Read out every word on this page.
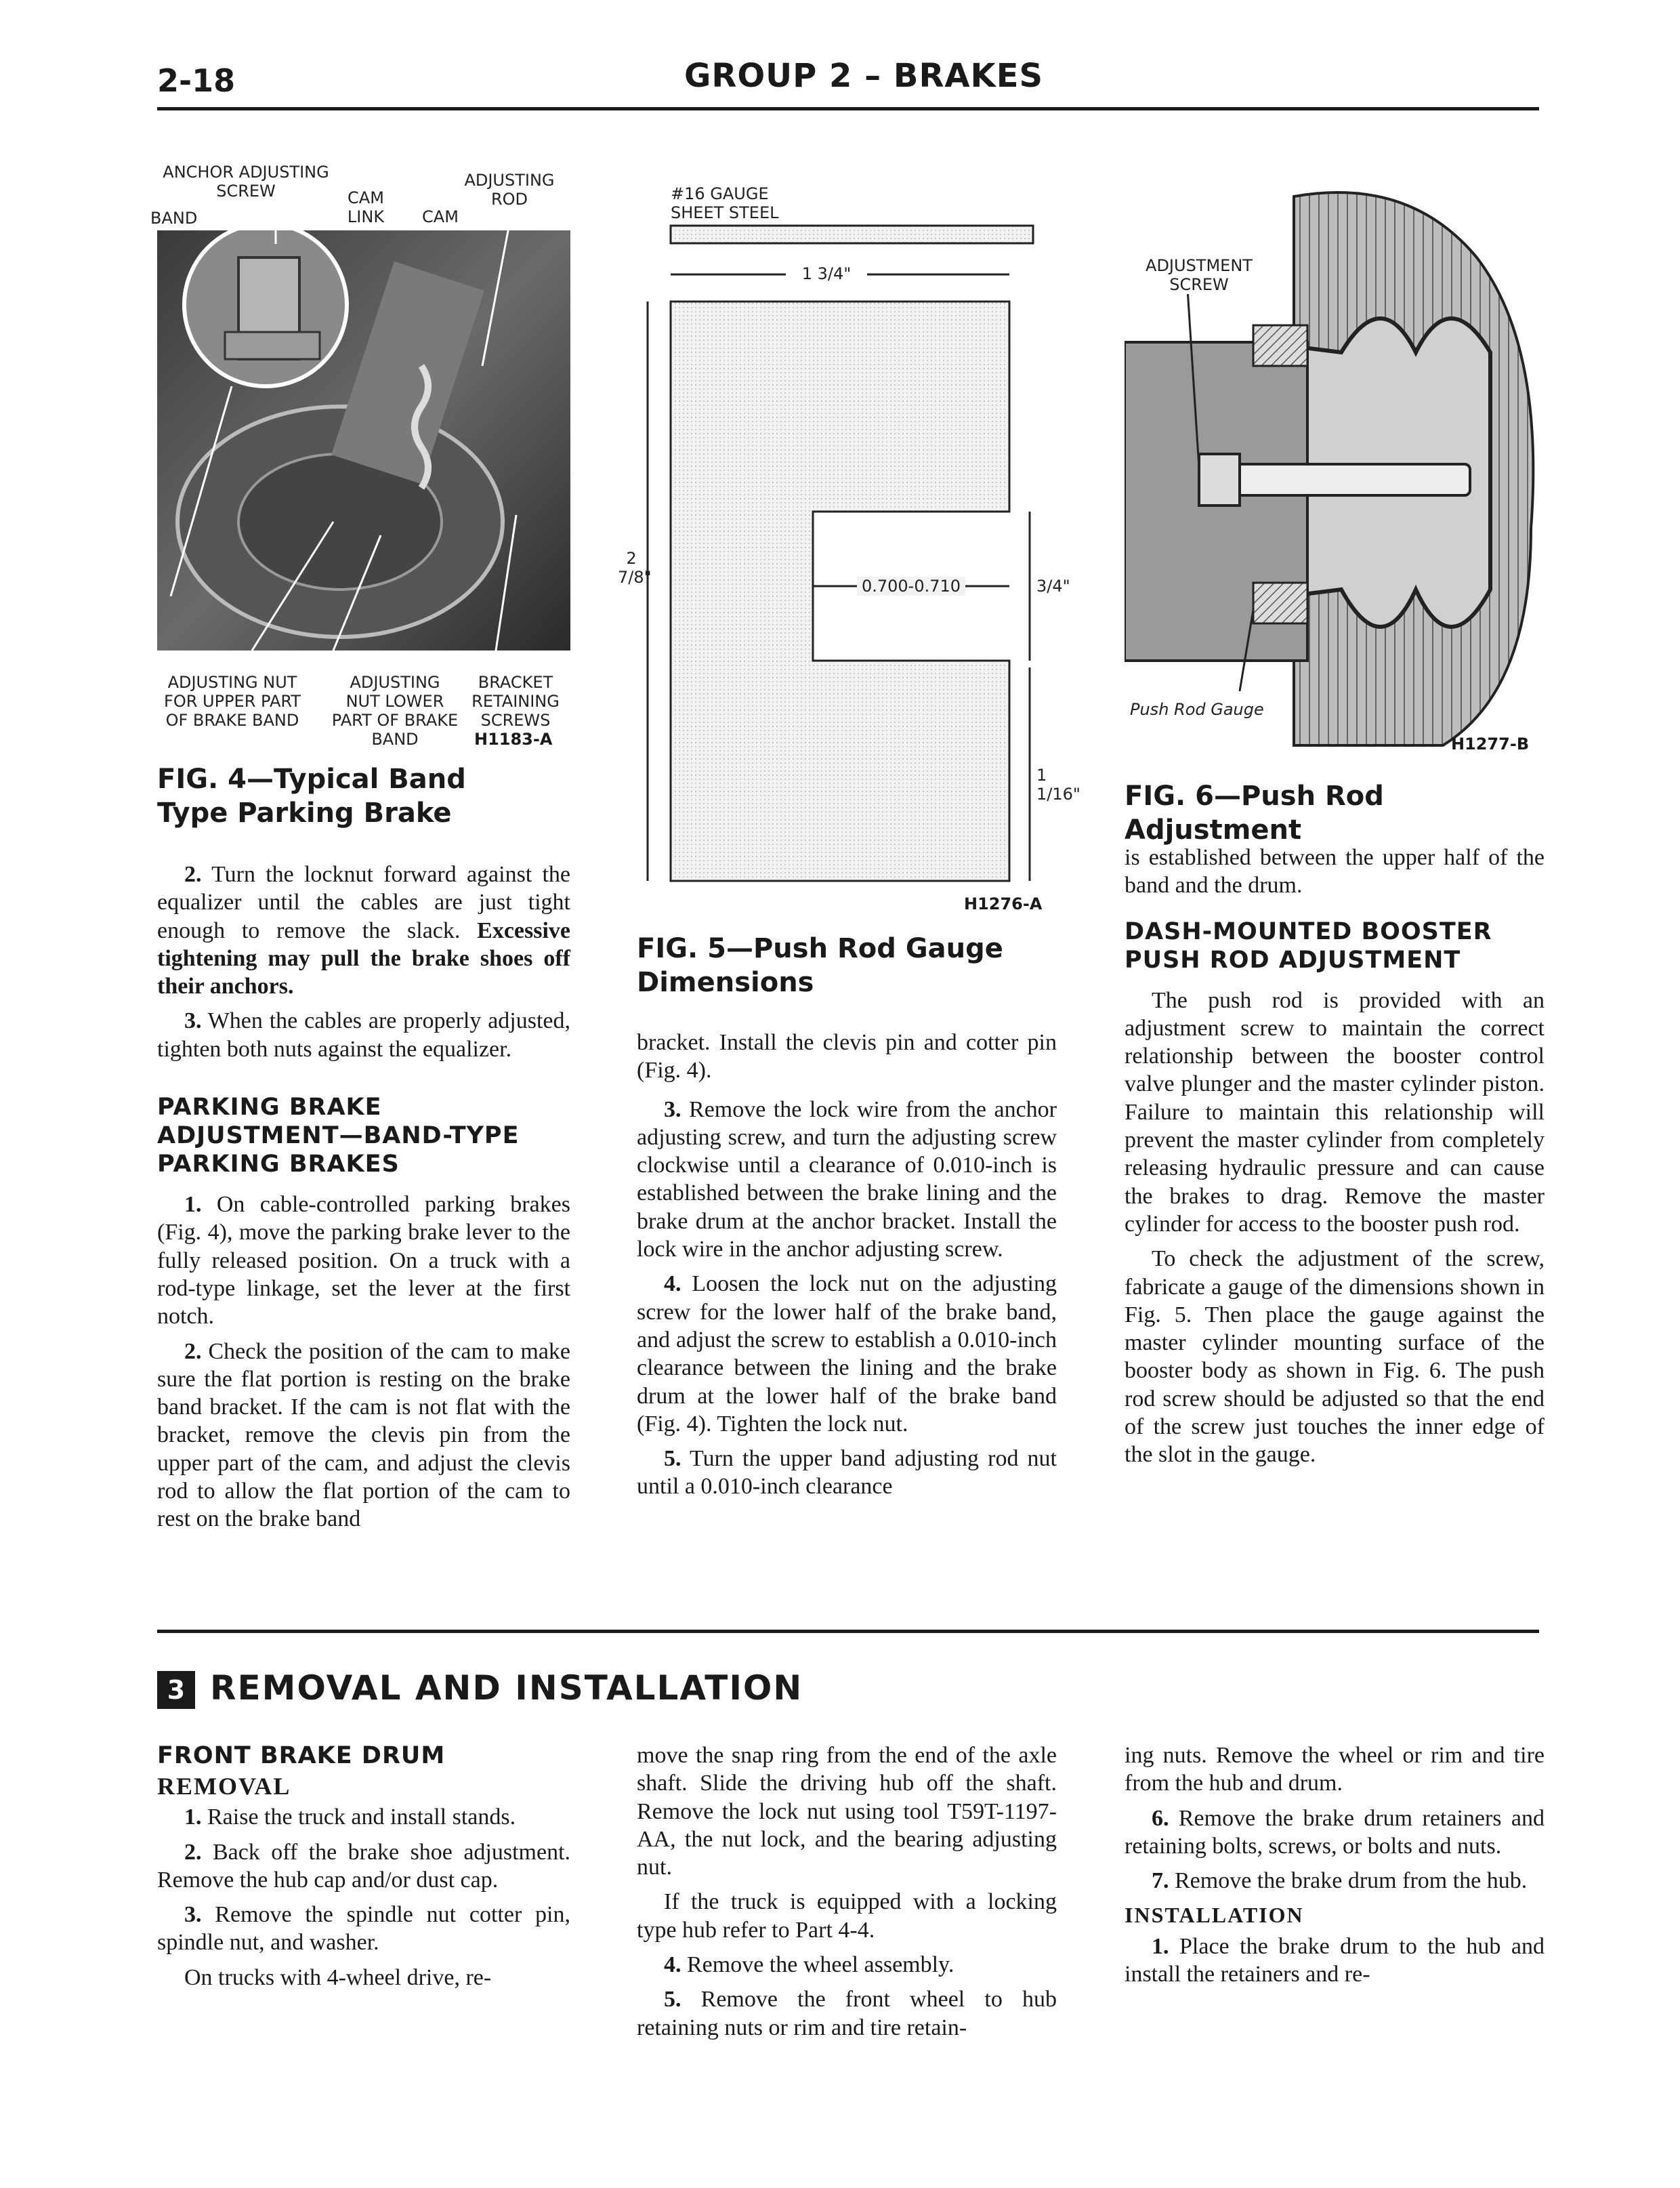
2-18	GROUP 2 – BRAKES
ANCHOR ADJUSTING SCREW
BAND
CAM LINK	CAM
ADJUSTING ROD
ADJUSTING NUT FOR UPPER PART OF BRAKE BAND
ADJUSTING NUT LOWER PART OF BRAKE BAND
BRACKET RETAINING SCREWS
H1183-A
FIG. 4—Typical Band Type Parking Brake
#16 GAUGE SHEET STEEL
1 3/4"
2 7/8"	0.700-0.710	3/4"
1 1/16"
H1276-A
FIG. 5—Push Rod Gauge Dimensions
ADJUSTMENT SCREW
Push Rod Gauge
H1277-B
FIG. 6—Push Rod Adjustment

2. Turn the locknut forward against the equalizer until the cables are just tight enough to remove the slack. Excessive tightening may pull the brake shoes off their anchors.

3. When the cables are properly adjusted, tighten both nuts against the equalizer.

PARKING BRAKE ADJUSTMENT—BAND-TYPE PARKING BRAKES

1. On cable-controlled parking brakes (Fig. 4), move the parking brake lever to the fully released position. On a truck with a rod-type linkage, set the lever at the first notch.

2. Check the position of the cam to make sure the flat portion is resting on the brake band bracket. If the cam is not flat with the bracket, remove the clevis pin from the upper part of the cam, and adjust the clevis rod to allow the flat portion of the cam to rest on the brake band

bracket. Install the clevis pin and cotter pin (Fig. 4).

3. Remove the lock wire from the anchor adjusting screw, and turn the adjusting screw clockwise until a clearance of 0.010-inch is established between the brake lining and the brake drum at the anchor bracket. Install the lock wire in the anchor adjusting screw.

4. Loosen the lock nut on the adjusting screw for the lower half of the brake band, and adjust the screw to establish a 0.010-inch clearance between the lining and the brake drum at the lower half of the brake band (Fig. 4). Tighten the lock nut.

5. Turn the upper band adjusting rod nut until a 0.010-inch clearance

is established between the upper half of the band and the drum.

DASH-MOUNTED BOOSTER PUSH ROD ADJUSTMENT

The push rod is provided with an adjustment screw to maintain the correct relationship between the booster control valve plunger and the master cylinder piston. Failure to maintain this relationship will prevent the master cylinder from completely releasing hydraulic pressure and can cause the brakes to drag. Remove the master cylinder for access to the booster push rod.

To check the adjustment of the screw, fabricate a gauge of the dimensions shown in Fig. 5. Then place the gauge against the master cylinder mounting surface of the booster body as shown in Fig. 6. The push rod screw should be adjusted so that the end of the screw just touches the inner edge of the slot in the gauge.

3 REMOVAL AND INSTALLATION
FRONT BRAKE DRUM
REMOVAL

1. Raise the truck and install stands.

2. Back off the brake shoe adjustment. Remove the hub cap and/or dust cap.

3. Remove the spindle nut cotter pin, spindle nut, and washer.

On trucks with 4-wheel drive, re-

move the snap ring from the end of the axle shaft. Slide the driving hub off the shaft. Remove the lock nut using tool T59T-1197-AA, the nut lock, and the bearing adjusting nut.

If the truck is equipped with a locking type hub refer to Part 4-4.

4. Remove the wheel assembly.

5. Remove the front wheel to hub retaining nuts or rim and tire retain-

ing nuts. Remove the wheel or rim and tire from the hub and drum.

6. Remove the brake drum retainers and retaining bolts, screws, or bolts and nuts.

7. Remove the brake drum from the hub.

INSTALLATION

1. Place the brake drum to the hub and install the retainers and re-
